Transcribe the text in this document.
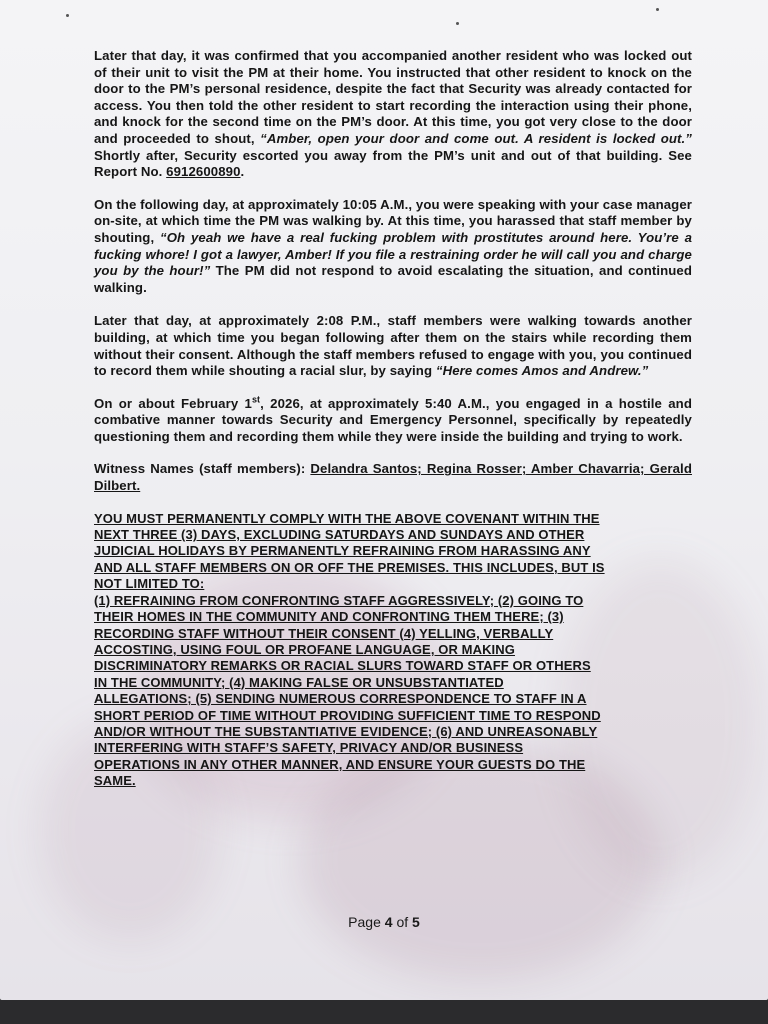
Later that day, it was confirmed that you accompanied another resident who was locked out of their unit to visit the PM at their home. You instructed that other resident to knock on the door to the PM’s personal residence, despite the fact that Security was already contacted for access. You then told the other resident to start recording the interaction using their phone, and knock for the second time on the PM’s door. At this time, you got very close to the door and proceeded to shout, “Amber, open your door and come out. A resident is locked out.” Shortly after, Security escorted you away from the PM’s unit and out of that building. See Report No. 6912600890.

On the following day, at approximately 10:05 A.M., you were speaking with your case manager on-site, at which time the PM was walking by. At this time, you harassed that staff member by shouting, “Oh yeah we have a real fucking problem with prostitutes around here. You’re a fucking whore! I got a lawyer, Amber! If you file a restraining order he will call you and charge you by the hour!” The PM did not respond to avoid escalating the situation, and continued walking.

Later that day, at approximately 2:08 P.M., staff members were walking towards another building, at which time you began following after them on the stairs while recording them without their consent. Although the staff members refused to engage with you, you continued to record them while shouting a racial slur, by saying “Here comes Amos and Andrew.”

On or about February 1st, 2026, at approximately 5:40 A.M., you engaged in a hostile and combative manner towards Security and Emergency Personnel, specifically by repeatedly questioning them and recording them while they were inside the building and trying to work.

Witness Names (staff members): Delandra Santos; Regina Rosser; Amber Chavarria; Gerald Dilbert.

YOU MUST PERMANENTLY COMPLY WITH THE ABOVE COVENANT WITHIN THE
NEXT THREE (3) DAYS, EXCLUDING SATURDAYS AND SUNDAYS AND OTHER
JUDICIAL HOLIDAYS BY PERMANENTLY REFRAINING FROM HARASSING ANY
AND ALL STAFF MEMBERS ON OR OFF THE PREMISES. THIS INCLUDES, BUT IS
NOT LIMITED TO:
(1) REFRAINING FROM CONFRONTING STAFF AGGRESSIVELY; (2) GOING TO
THEIR HOMES IN THE COMMUNITY AND CONFRONTING THEM THERE; (3)
RECORDING STAFF WITHOUT THEIR CONSENT (4) YELLING, VERBALLY
ACCOSTING, USING FOUL OR PROFANE LANGUAGE, OR MAKING
DISCRIMINATORY REMARKS OR RACIAL SLURS TOWARD STAFF OR OTHERS
IN THE COMMUNITY; (4) MAKING FALSE OR UNSUBSTANTIATED
ALLEGATIONS; (5) SENDING NUMEROUS CORRESPONDENCE TO STAFF IN A
SHORT PERIOD OF TIME WITHOUT PROVIDING SUFFICIENT TIME TO RESPOND
AND/OR WITHOUT THE SUBSTANTIATIVE EVIDENCE; (6) AND UNREASONABLY
INTERFERING WITH STAFF’S SAFETY, PRIVACY AND/OR BUSINESS
OPERATIONS IN ANY OTHER MANNER, AND ENSURE YOUR GUESTS DO THE
SAME.
Page 4 of 5
